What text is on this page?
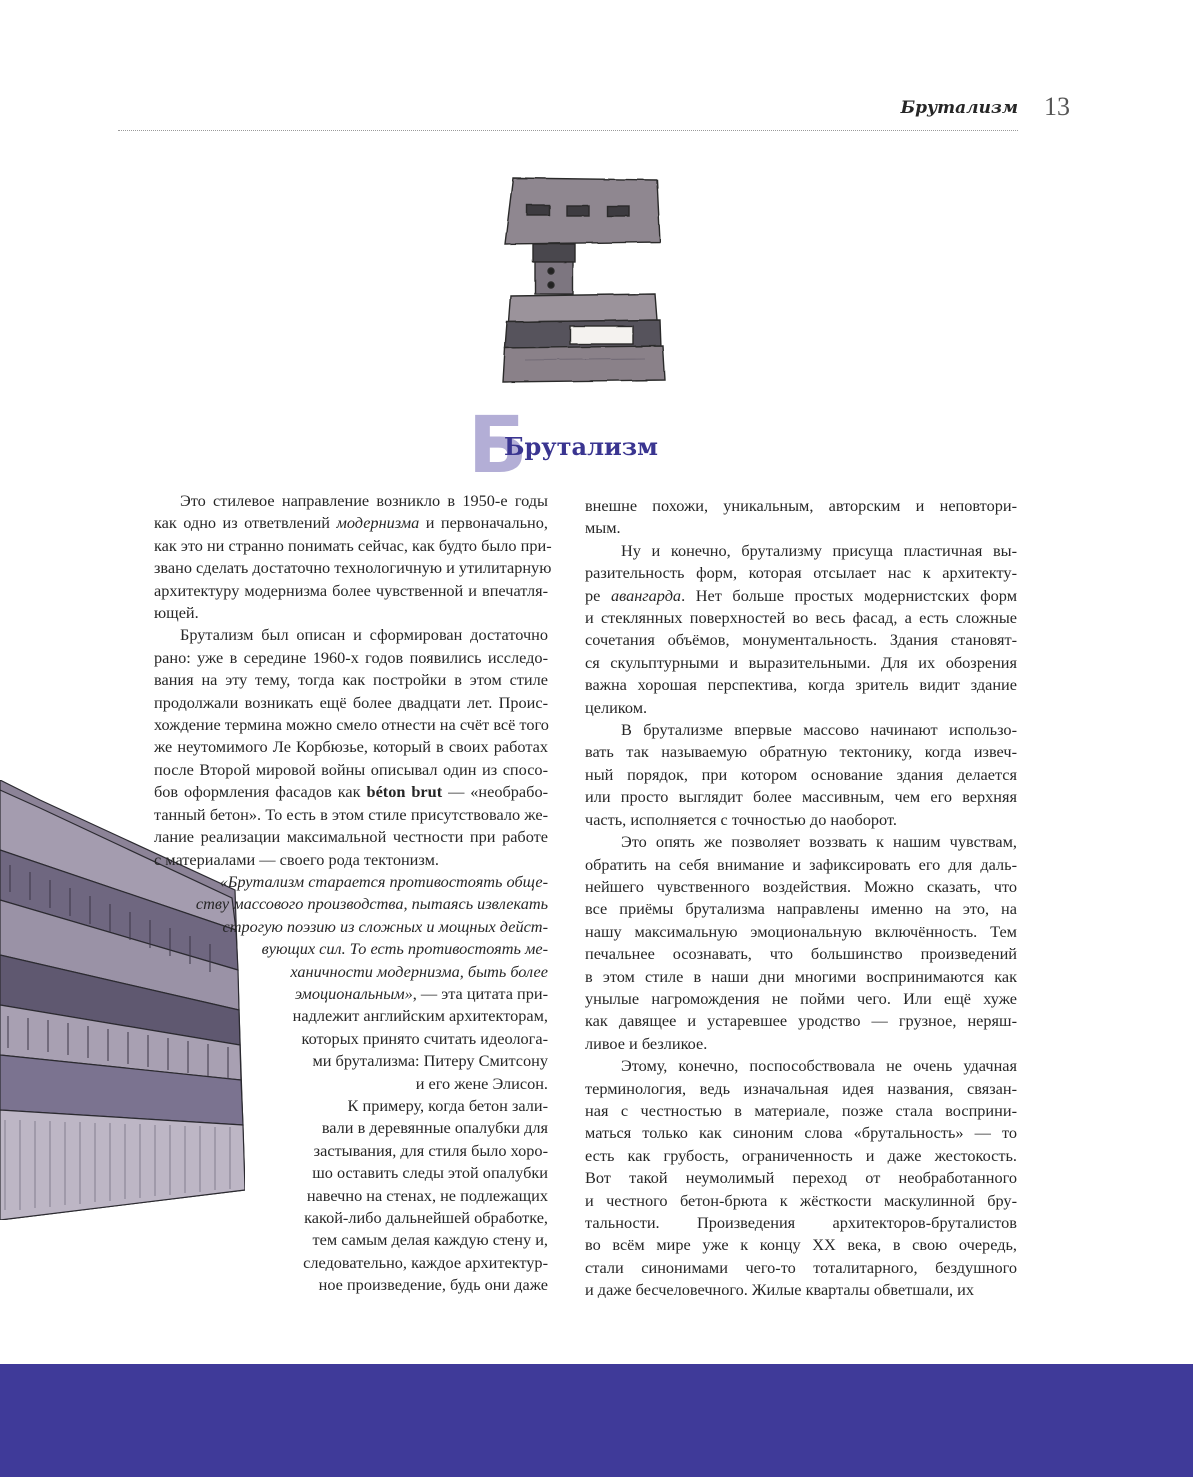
Брутализм 13
Б
Брутализм

Это стилевое направление возникло в 1950-е годы
как одно из ответвлений модернизма и первоначально,
как это ни странно понимать сейчас, как будто было при-
звано сделать достаточно технологичную и утилитарную
архитектуру модернизма более чувственной и впечатля-
ющей.

Брутализм был описан и сформирован достаточно
рано: уже в середине 1960-х годов появились исследо-
вания на эту тему, тогда как постройки в этом стиле
продолжали возникать ещё более двадцати лет. Проис-
хождение термина можно смело отнести на счёт всё того
же неутомимого Ле Корбюзье, который в своих работах
после Второй мировой войны описывал один из спосо-
бов оформления фасадов как béton brut — «необрабо-
танный бетон». То есть в этом стиле присутствовало же-
лание реализации максимальной честности при работе
с материалами — своего рода тектонизм.

«Брутализм старается противостоять обще-
ству массового производства, пытаясь извлекать
строгую поэзию из сложных и мощных дейст-
вующих сил. То есть противостоять ме-
ханичности модернизма, быть более
эмоциональным», — эта цитата при-
надлежит английским архитекторам,
которых принято считать идеолога-
ми брутализма: Питеру Смитсону
и его жене Элисон.

К примеру, когда бетон зали-
вали в деревянные опалубки для
застывания, для стиля было хоро-
шо оставить следы этой опалубки
навечно на стенах, не подлежащих
какой-либо дальнейшей обработке,
тем самым делая каждую стену и,
следовательно, каждое архитектур-
ное произведение, будь они даже

внешне похожи, уникальным, авторским и неповтори-
мым.

Ну и конечно, брутализму присуща пластичная вы-
разительность форм, которая отсылает нас к архитекту-
ре авангарда. Нет больше простых модернистских форм
и стеклянных поверхностей во весь фасад, а есть сложные
сочетания объёмов, монументальность. Здания становят-
ся скульптурными и выразительными. Для их обозрения
важна хорошая перспектива, когда зритель видит здание
целиком.

В брутализме впервые массово начинают использо-
вать так называемую обратную тектонику, когда извеч-
ный порядок, при котором основание здания делается
или просто выглядит более массивным, чем его верхняя
часть, исполняется с точностью до наоборот.

Это опять же позволяет воззвать к нашим чувствам,
обратить на себя внимание и зафиксировать его для даль-
нейшего чувственного воздействия. Можно сказать, что
все приёмы брутализма направлены именно на это, на
нашу максимальную эмоциональную включённость. Тем
печальнее осознавать, что большинство произведений
в этом стиле в наши дни многими воспринимаются как
унылые нагромождения не пойми чего. Или ещё хуже
как давящее и устаревшее уродство — грузное, неряш-
ливое и безликое.

Этому, конечно, поспособствовала не очень удачная
терминология, ведь изначальная идея названия, связан-
ная с честностью в материале, позже стала восприни-
маться только как синоним слова «брутальность» — то
есть как грубость, ограниченность и даже жестокость.
Вот такой неумолимый переход от необработанного
и честного бетон-брюта к жёсткости маскулинной бру-
тальности. Произведения архитекторов-бруталистов
во всём мире уже к концу XX века, в свою очередь,
стали синонимами чего-то тоталитарного, бездушного
и даже бесчеловечного. Жилые кварталы обветшали, их
